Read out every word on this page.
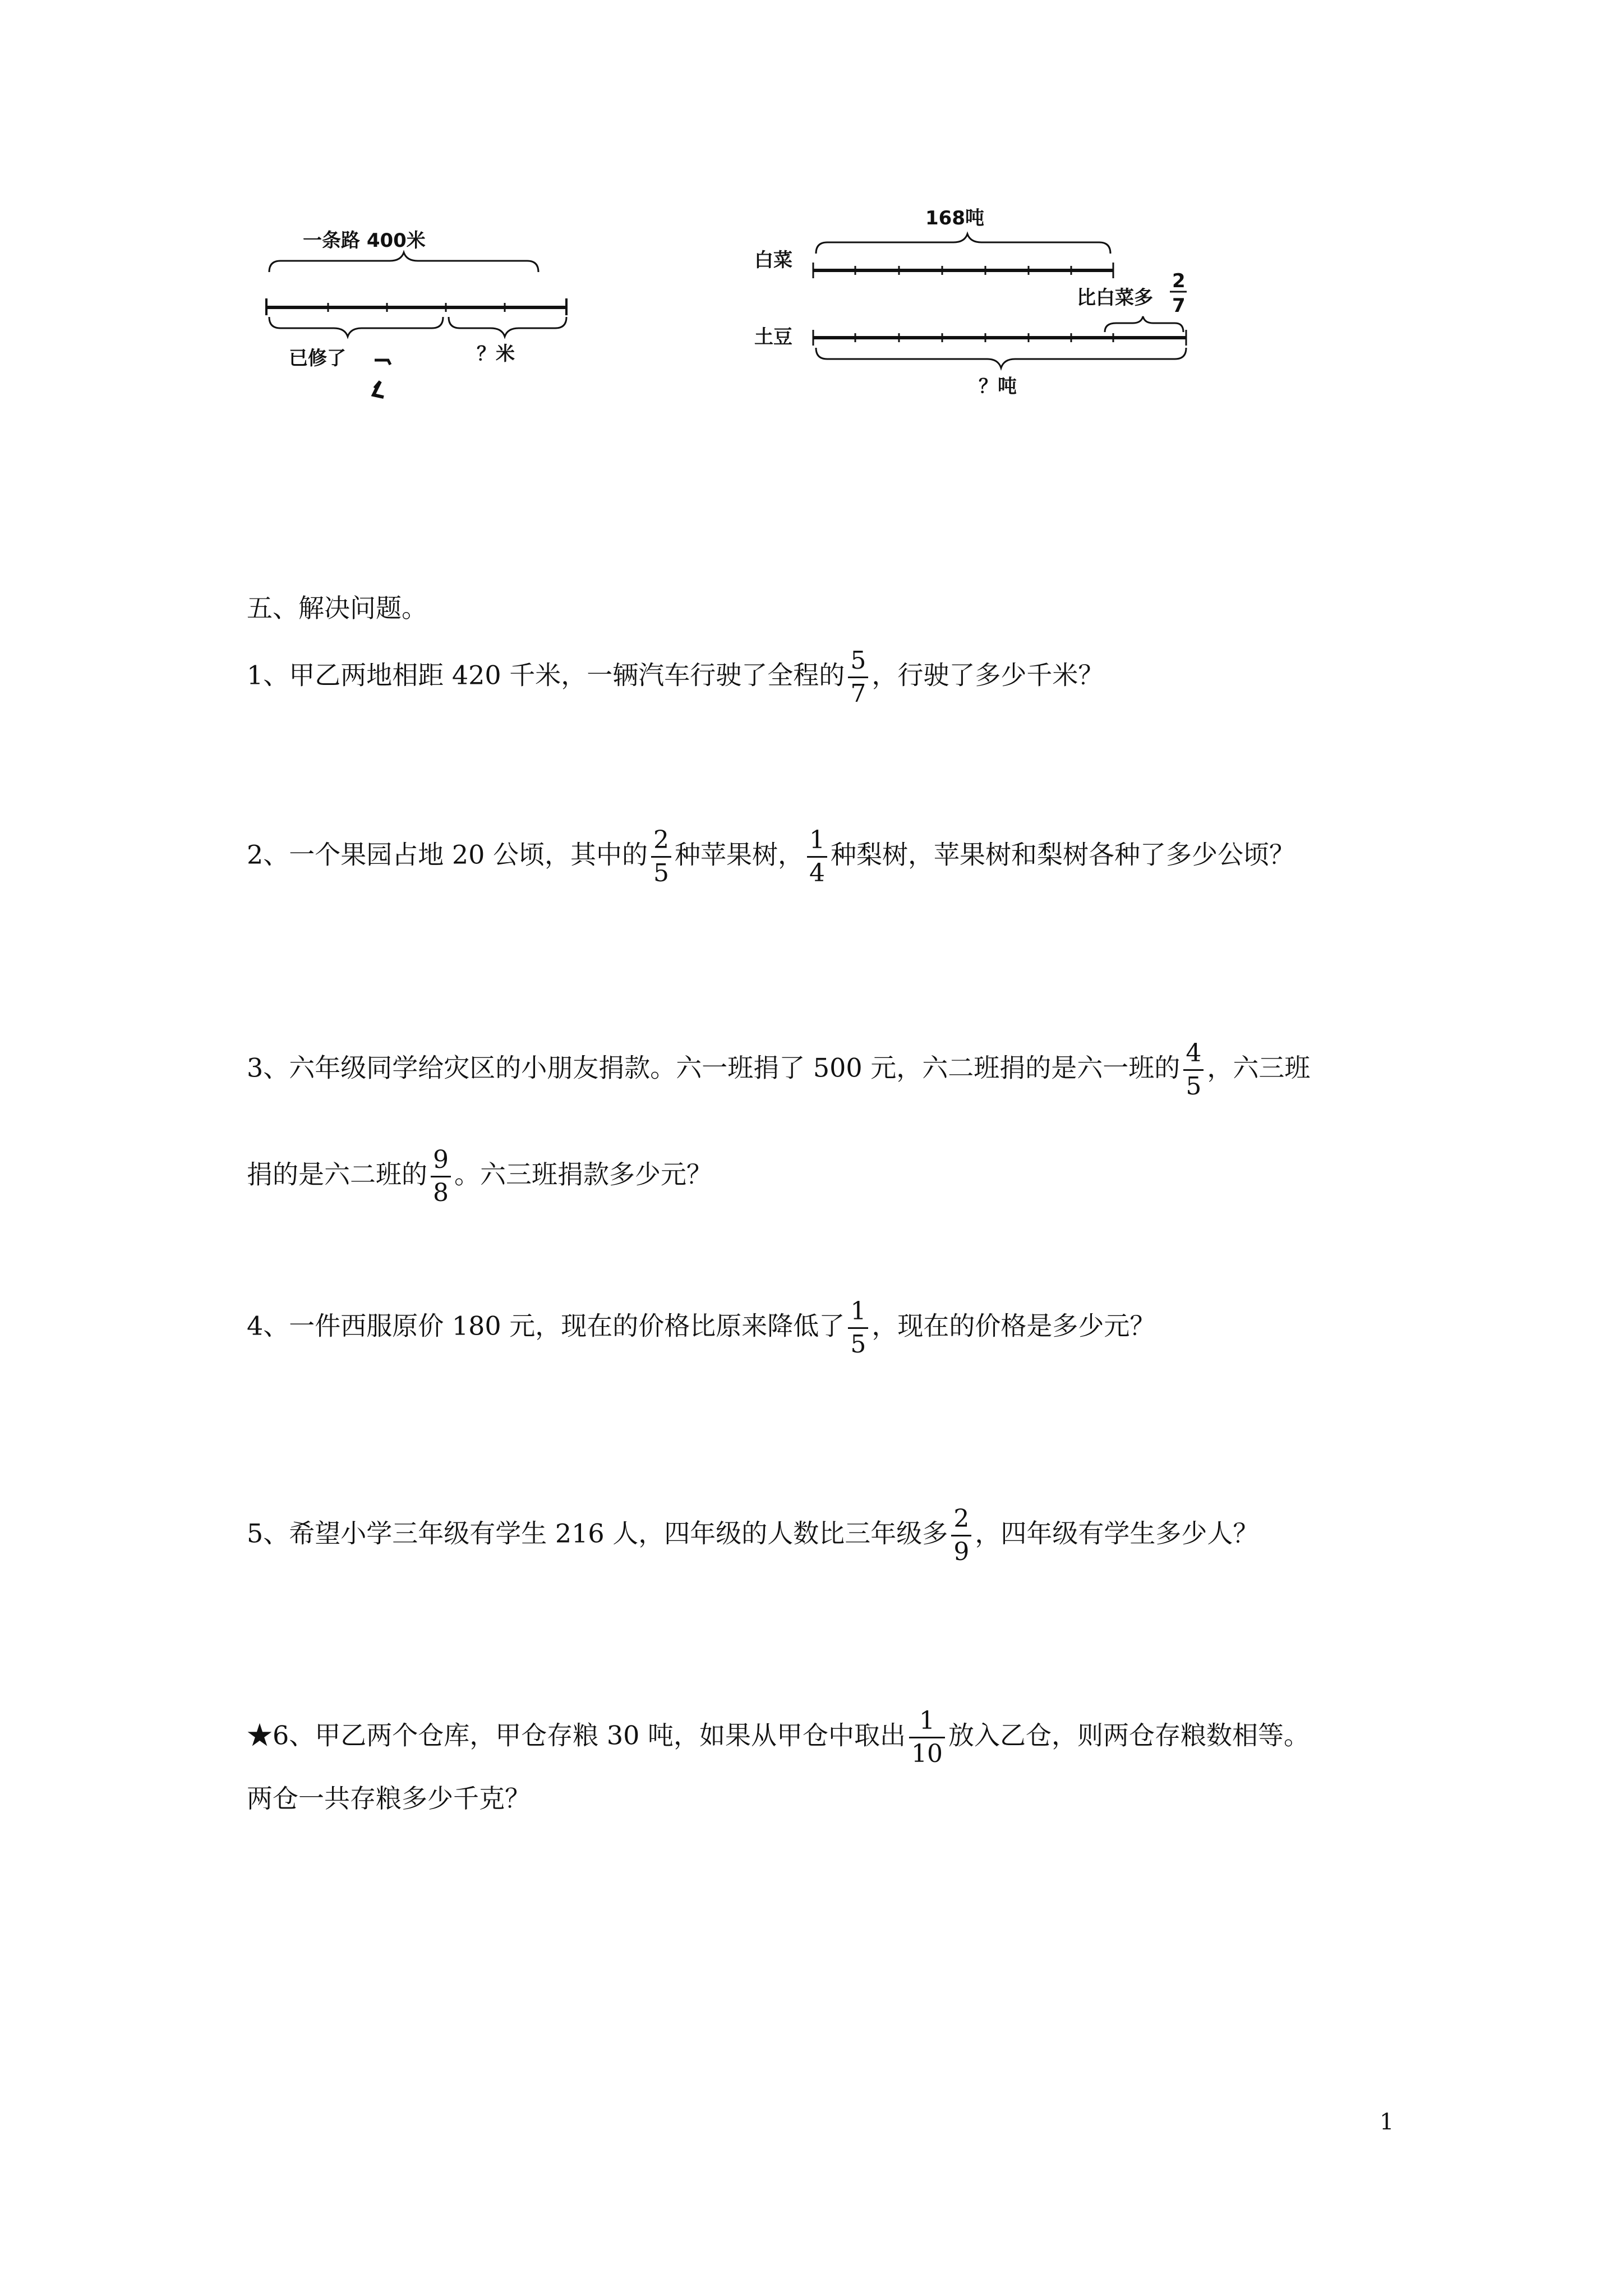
一条路 400米
已修了	？米
168吨
白菜
比白菜多
2
7
土豆
？吨
五、解决问题。
1、甲乙两地相距 420 千米，一辆汽车行驶了全程的 $\frac{5}{7}$ ，行驶了多少千米？
2、一个果园占地 20 公顷，其中的 $\frac{2}{5}$ 种苹果树， $\frac{1}{4}$ 种梨树，苹果树和梨树各种了多少公顷？
3、六年级同学给灾区的小朋友捐款。六一班捐了 500 元，六二班捐的是六一班的 $\frac{4}{5}$ ，六三班
捐的是六二班的 $\frac{9}{8}$ 。六三班捐款多少元？
4、一件西服原价 180 元，现在的价格比原来降低了 $\frac{1}{5}$ ，现在的价格是多少元？
5、希望小学三年级有学生 216 人，四年级的人数比三年级多 $\frac{2}{9}$ ，四年级有学生多少人？
★6、甲乙两个仓库，甲仓存粮 30 吨，如果从甲仓中取出 $\frac{1}{10}$ 放入乙仓，则两仓存粮数相等。
两仓一共存粮多少千克？
1
